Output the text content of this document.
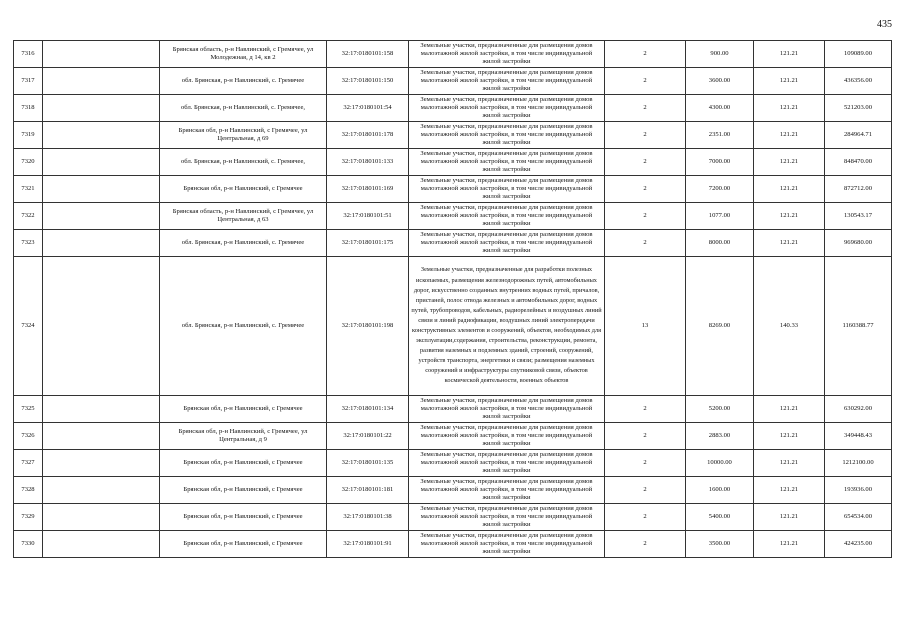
435
7316		Брянская область, р-н Навлинский, с Гремячее, ул Молодежная, д 14, кв 2	32:17:0180101:158	Земельные участки, предназначенные для размещения домов малоэтажной жилой застройки, в том числе индивидуальной жилой застройки	2	900.00	121.21	109089.00
7317		обл. Брянская, р-н Навлинский, с. Гремячее	32:17:0180101:150	Земельные участки, предназначенные для размещения домов малоэтажной жилой застройки, в том числе индивидуальной жилой застройки	2	3600.00	121.21	436356.00
7318		обл. Брянская, р-н Навлинский, с. Гремячее,	32:17:0180101:54	Земельные участки, предназначенные для размещения домов малоэтажной жилой застройки, в том числе индивидуальной жилой застройки	2	4300.00	121.21	521203.00
7319		Брянская обл, р-н Навлинский, с Гремячее, ул Центральная, д 69	32:17:0180101:178	Земельные участки, предназначенные для размещения домов малоэтажной жилой застройки, в том числе индивидуальной жилой застройки	2	2351.00	121.21	284964.71
7320		обл. Брянская, р-н Навлинский, с. Гремячее,	32:17:0180101:133	Земельные участки, предназначенные для размещения домов малоэтажной жилой застройки, в том числе индивидуальной жилой застройки	2	7000.00	121.21	848470.00
7321		Брянская обл, р-н Навлинский, с Гремячее	32:17:0180101:169	Земельные участки, предназначенные для размещения домов малоэтажной жилой застройки, в том числе индивидуальной жилой застройки	2	7200.00	121.21	872712.00
7322		Брянская область, р-н Навлинский, с Гремячее, ул Центральная, д 63	32:17:0180101:51	Земельные участки, предназначенные для размещения домов малоэтажной жилой застройки, в том числе индивидуальной жилой застройки	2	1077.00	121.21	130543.17
7323		обл. Брянская, р-н Навлинский, с. Гремячее	32:17:0180101:175	Земельные участки, предназначенные для размещения домов малоэтажной жилой застройки, в том числе индивидуальной жилой застройки	2	8000.00	121.21	969680.00
7324		обл. Брянская, р-н Навлинский, с. Гремячее	32:17:0180101:198	Земельные участки, предназначенные для разработки полезных ископаемых, размещения железнодорожных путей, автомобильных дорог, искусственно созданных внутренних водных путей, причалов, пристаней, полос отвода железных и автомобильных дорог, водных путей, трубопроводов, кабельных, радиорелейных и воздушных линий связи и линий радиофикации, воздушных линий электропередачи конструктивных элементов и сооружений, объектов, необходимых для эксплуатации,содержания, строительства, реконструкции, ремонта, развития наземных и подземных зданий, строений, сооружений, устройств транспорта, энергетики и связи; размещения наземных сооружений и инфраструктуры спутниковой связи, объектов космической деятельности, военных объектов	13	8269.00	140.33	1160388.77
7325		Брянская обл, р-н Навлинский, с Гремячее	32:17:0180101:134	Земельные участки, предназначенные для размещения домов малоэтажной жилой застройки, в том числе индивидуальной жилой застройки	2	5200.00	121.21	630292.00
7326		Брянская обл, р-н Навлинский, с Гремячее, ул Центральная, д 9	32:17:0180101:22	Земельные участки, предназначенные для размещения домов малоэтажной жилой застройки, в том числе индивидуальной жилой застройки	2	2883.00	121.21	349448.43
7327		Брянская обл, р-н Навлинский, с Гремячее	32:17:0180101:135	Земельные участки, предназначенные для размещения домов малоэтажной жилой застройки, в том числе индивидуальной жилой застройки	2	10000.00	121.21	1212100.00
7328		Брянская обл, р-н Навлинский, с Гремячее	32:17:0180101:181	Земельные участки, предназначенные для размещения домов малоэтажной жилой застройки, в том числе индивидуальной жилой застройки	2	1600.00	121.21	193936.00
7329		Брянская обл, р-н Навлинский, с Гремячее	32:17:0180101:38	Земельные участки, предназначенные для размещения домов малоэтажной жилой застройки, в том числе индивидуальной жилой застройки	2	5400.00	121.21	654534.00
7330		Брянская обл, р-н Навлинский, с Гремячее	32:17:0180101:91	Земельные участки, предназначенные для размещения домов малоэтажной жилой застройки, в том числе индивидуальной жилой застройки	2	3500.00	121.21	424235.00
